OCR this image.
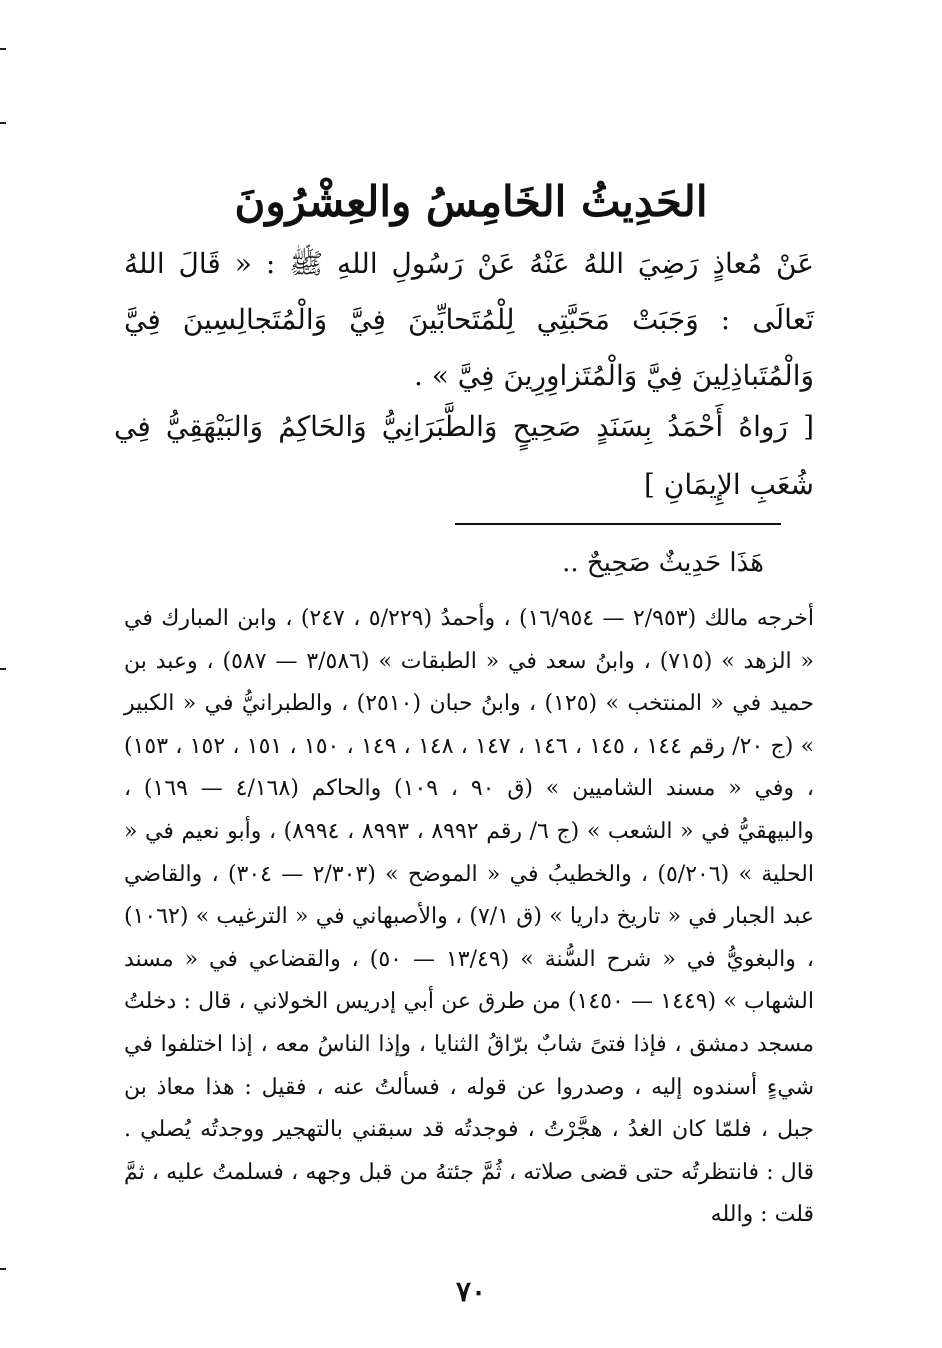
الحَدِيثُ الخَامِسُ والعِشْرُونَ

عَنْ مُعاذٍ رَضِيَ اللهُ عَنْهُ عَنْ رَسُولِ اللهِ ﷺ : « قَالَ اللهُ تَعالَى : وَجَبَتْ مَحَبَّتِي لِلْمُتَحابِّينَ فِيَّ وَالْمُتَجالِسِينَ فِيَّ وَالْمُتَباذِلِينَ فِيَّ وَالْمُتَزاوِرِينَ فِيَّ » .

[ رَواهُ أَحْمَدُ بِسَنَدٍ صَحِيحٍ وَالطَّبَرَانِيُّ وَالحَاكِمُ وَالبَيْهَقِيُّ فِي شُعَبِ الإِيمَانِ ]

هَذَا حَدِيثٌ صَحِيحٌ ..

أخرجه مالك (٢/٩٥٣ — ١٦/٩٥٤) ، وأحمدُ (٥/٢٢٩ ، ٢٤٧) ، وابن المبارك في « الزهد » (٧١٥) ، وابنُ سعد في « الطبقات » (٣/٥٨٦ — ٥٨٧) ، وعبد بن حميد في « المنتخب » (١٢٥) ، وابنُ حبان (٢٥١٠) ، والطبرانيُّ في « الكبير » (ج ٢٠/ رقم ١٤٤ ، ١٤٥ ، ١٤٦ ، ١٤٧ ، ١٤٨ ، ١٤٩ ، ١٥٠ ، ١٥١ ، ١٥٢ ، ١٥٣) ، وفي « مسند الشاميين » (ق ٩٠ ، ١٠٩) والحاكم (٤/١٦٨ — ١٦٩) ، والبيهقيُّ في « الشعب » (ج ٦/ رقم ٨٩٩٢ ، ٨٩٩٣ ، ٨٩٩٤) ، وأبو نعيم في « الحلية » (٥/٢٠٦) ، والخطيبُ في « الموضح » (٢/٣٠٣ — ٣٠٤) ، والقاضي عبد الجبار في « تاريخ داريا » (ق ٧/١) ، والأصبهاني في « الترغيب » (١٠٦٢) ، والبغويُّ في « شرح السُّنة » (١٣/٤٩ — ٥٠) ، والقضاعي في « مسند الشهاب » (١٤٤٩ — ١٤٥٠) من طرق عن أبي إدريس الخولاني ، قال : دخلتُ مسجد دمشق ، فإذا فتىً شابٌ برّاقُ الثنايا ، وإذا الناسُ معه ، إذا اختلفوا في شيءٍ أسندوه إليه ، وصدروا عن قوله ، فسألتُ عنه ، فقيل : هذا معاذ بن جبل ، فلمّا كان الغدُ ، هجَّرْتُ ، فوجدتُه قد سبقني بالتهجير ووجدتُه يُصلي . قال : فانتظرتُه حتى قضى صلاته ، ثُمَّ جئتهُ من قبل وجهه ، فسلمتُ عليه ، ثمَّ قلت : والله

٧٠
